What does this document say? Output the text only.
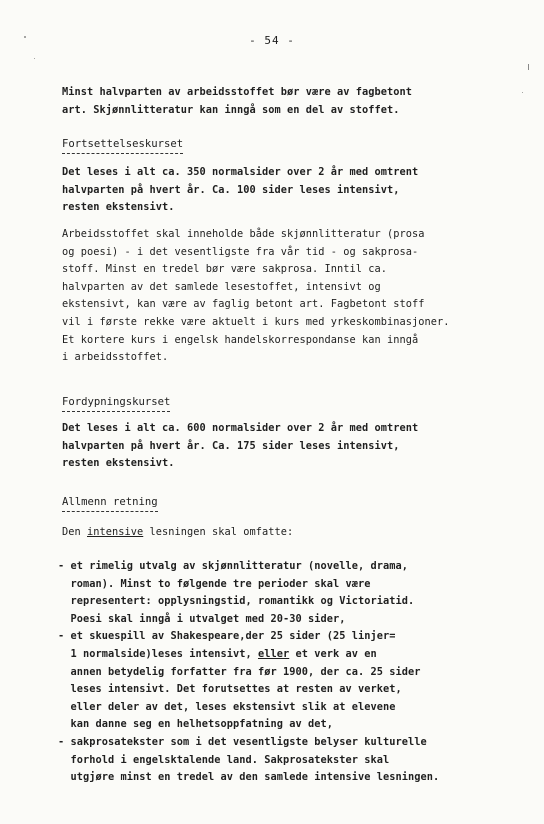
- 54 -
Minst halvparten av arbeidsstoffet bør være av fagbetont
art. Skjønnlitteratur kan inngå som en del av stoffet.
Fortsettelseskurset
Det leses i alt ca. 350 normalsider over 2 år med omtrent
halvparten på hvert år. Ca. 100 sider leses intensivt,
resten ekstensivt.
Arbeidsstoffet skal inneholde både skjønnlitteratur (prosa
og poesi) - i det vesentligste fra vår tid - og sakprosa-
stoff. Minst en tredel bør være sakprosa. Inntil ca.
halvparten av det samlede lesestoffet, intensivt og
ekstensivt, kan være av faglig betont art. Fagbetont stoff
vil i første rekke være aktuelt i kurs med yrkeskombinasjoner.
Et kortere kurs i engelsk handelskorrespondanse kan inngå
i arbeidsstoffet.
Fordypningskurset
Det leses i alt ca. 600 normalsider over 2 år med omtrent
halvparten på hvert år. Ca. 175 sider leses intensivt,
resten ekstensivt.
Allmenn retning
Den intensive lesningen skal omfatte:
- et rimelig utvalg av skjønnlitteratur (novelle, drama,
roman). Minst to følgende tre perioder skal være
representert: opplysningstid, romantikk og Victoriatid.
Poesi skal inngå i utvalget med 20-30 sider,
- et skuespill av Shakespeare,der 25 sider (25 linjer=
1 normalside)leses intensivt, eller et verk av en
annen betydelig forfatter fra før 1900, der ca. 25 sider
leses intensivt. Det forutsettes at resten av verket,
eller deler av det, leses ekstensivt slik at elevene
kan danne seg en helhetsoppfatning av det,
- sakprosatekster som i det vesentligste belyser kulturelle
forhold i engelsktalende land. Sakprosatekster skal
utgjøre minst en tredel av den samlede intensive lesningen.
